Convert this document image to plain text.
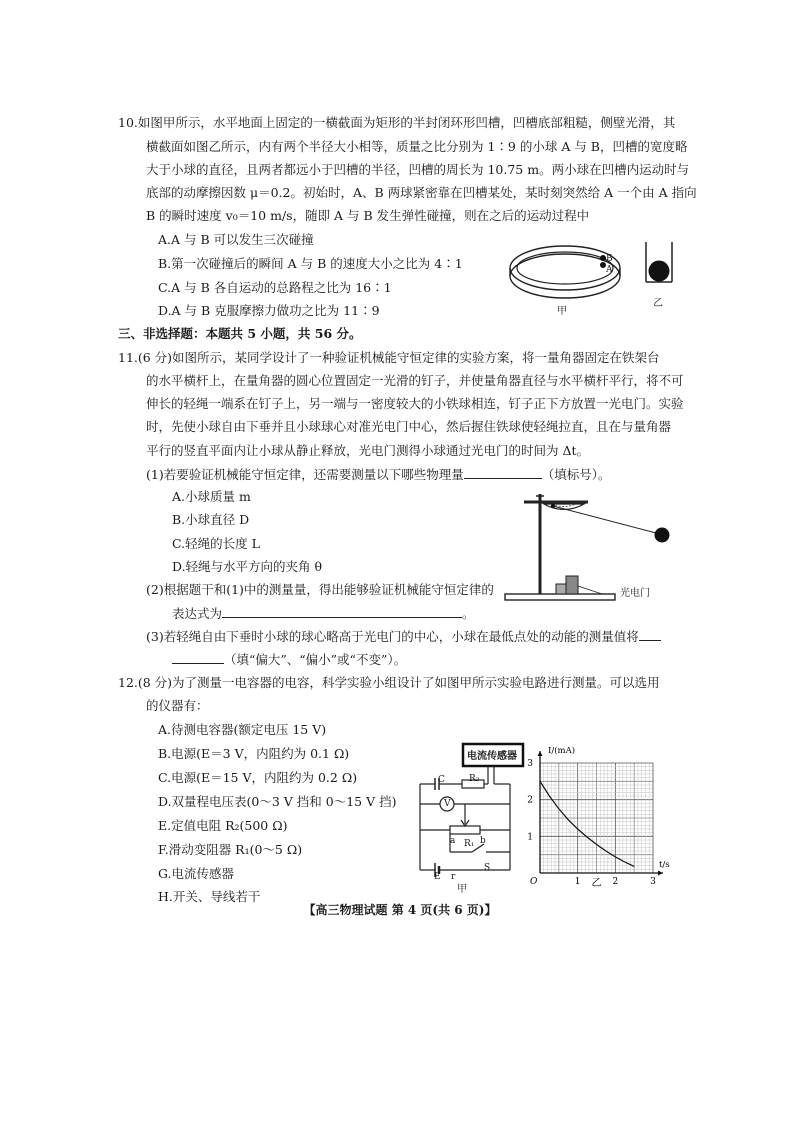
10.如图甲所示，水平地面上固定的一横截面为矩形的半封闭环形凹槽，凹槽底部粗糙，侧壁光滑，其
横截面如图乙所示，内有两个半径大小相等，质量之比分别为 1∶9 的小球 A 与 B，凹槽的宽度略
大于小球的直径，且两者都远小于凹槽的半径，凹槽的周长为 10.75 m。两小球在凹槽内运动时与
底部的动摩擦因数 μ＝0.2。初始时，A、B 两球紧密靠在凹槽某处，某时刻突然给 A 一个由 A 指向
B 的瞬时速度 v₀＝10 m/s，随即 A 与 B 发生弹性碰撞，则在之后的运动过程中
A.A 与 B 可以发生三次碰撞
B.第一次碰撞后的瞬间 A 与 B 的速度大小之比为 4∶1
C.A 与 B 各自运动的总路程之比为 16∶1
D.A 与 B 克服摩擦力做功之比为 11∶9
B
A
甲
乙
三、非选择题：本题共 5 小题，共 56 分。
11.(6 分)如图所示，某同学设计了一种验证机械能守恒定律的实验方案，将一量角器固定在铁架台
的水平横杆上，在量角器的圆心位置固定一光滑的钉子，并使量角器直径与水平横杆平行，将不可
伸长的轻绳一端系在钉子上，另一端与一密度较大的小铁球相连，钉子正下方放置一光电门。实验
时，先使小球自由下垂并且小球球心对准光电门中心，然后握住铁球使轻绳拉直，且在与量角器
平行的竖直平面内让小球从静止释放，光电门测得小球通过光电门的时间为 Δt。
(1)若要验证机械能守恒定律，还需要测量以下哪些物理量	（填标号）。
A.小球质量 m
B.小球直径 D
C.轻绳的长度 L
D.轻绳与水平方向的夹角 θ
(2)根据题干和(1)中的测量量，得出能够验证机械能守恒定律的
表达式为	。
(3)若轻绳自由下垂时小球的球心略高于光电门的中心，小球在最低点处的动能的测量值将
（填“偏大”、“偏小”或“不变”）。
光电门
12.(8 分)为了测量一电容器的电容，科学实验小组设计了如图甲所示实验电路进行测量。可以选用
的仪器有：
A.待测电容器(额定电压 15 V)
B.电源(E＝3 V，内阻约为 0.1 Ω)
C.电源(E＝15 V，内阻约为 0.2 Ω)
D.双量程电压表(0～3 V 挡和 0～15 V 挡)
E.定值电阻 R₂(500 Ω)
F.滑动变阻器 R₁(0～5 Ω)
G.电流传感器
H.开关、导线若干
电流传感器
C	R₂
V
a	b
R₁
S
E r
甲
1
2
3
1	2	3
O
I/(mA)
t/s
乙
【高三物理试题 第 4 页(共 6 页)】
